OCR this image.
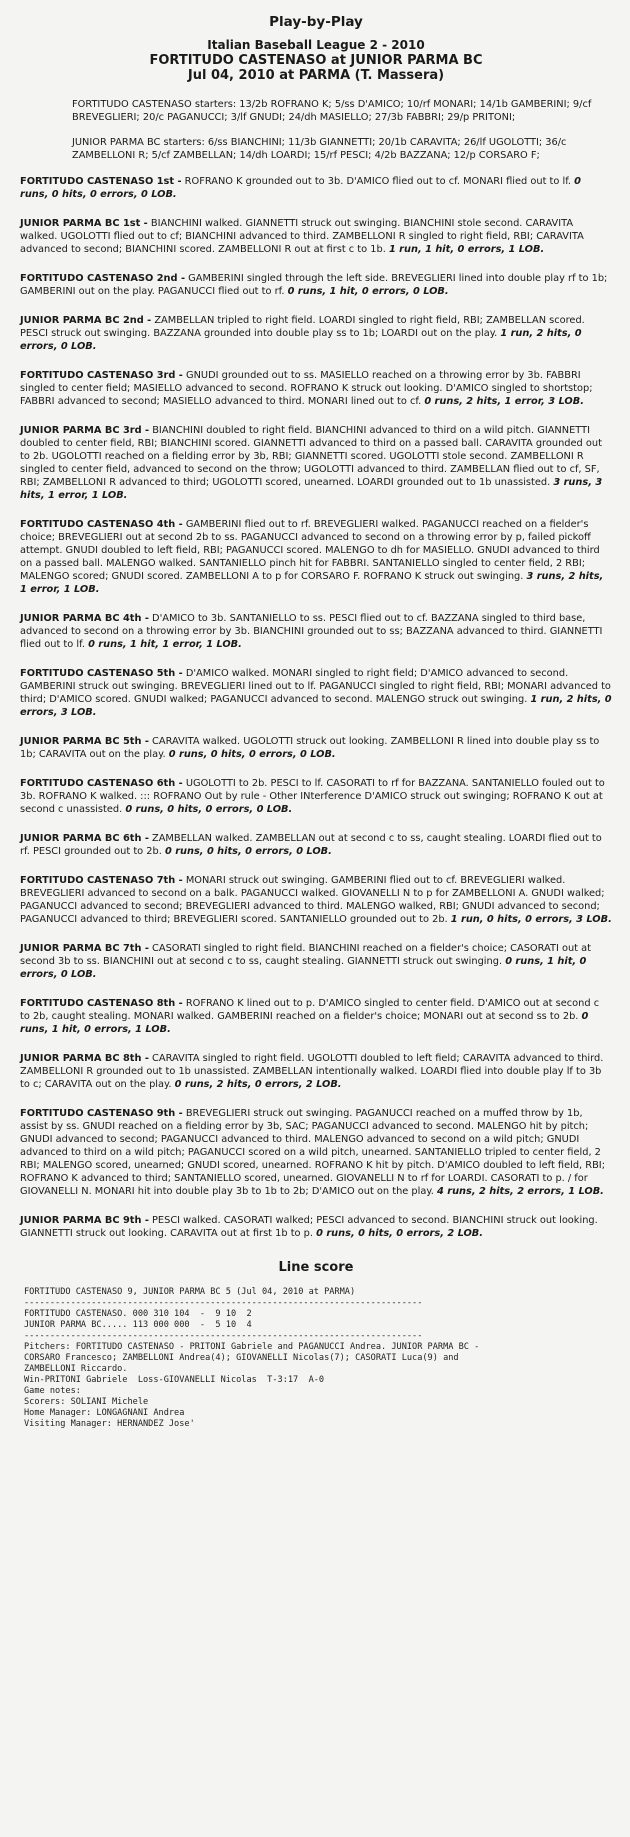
Play-by-Play
Italian Baseball League 2 - 2010
FORTITUDO CASTENASO at JUNIOR PARMA BC
Jul 04, 2010 at PARMA (T. Massera)

FORTITUDO CASTENASO starters: 13/2b ROFRANO K; 5/ss D'AMICO; 10/rf MONARI; 14/1b GAMBERINI; 9/cf BREVEGLIERI; 20/c PAGANUCCI; 3/lf GNUDI; 24/dh MASIELLO; 27/3b FABBRI; 29/p PRITONI;

JUNIOR PARMA BC starters: 6/ss BIANCHINI; 11/3b GIANNETTI; 20/1b CARAVITA; 26/lf UGOLOTTI; 36/c ZAMBELLONI R; 5/cf ZAMBELLAN; 14/dh LOARDI; 15/rf PESCI; 4/2b BAZZANA; 12/p CORSARO F;

FORTITUDO CASTENASO 1st - ROFRANO K grounded out to 3b. D'AMICO flied out to cf. MONARI flied out to lf. 0 runs, 0 hits, 0 errors, 0 LOB.

JUNIOR PARMA BC 1st - BIANCHINI walked. GIANNETTI struck out swinging. BIANCHINI stole second. CARAVITA walked. UGOLOTTI flied out to cf; BIANCHINI advanced to third. ZAMBELLONI R singled to right field, RBI; CARAVITA advanced to second; BIANCHINI scored. ZAMBELLONI R out at first c to 1b. 1 run, 1 hit, 0 errors, 1 LOB.

FORTITUDO CASTENASO 2nd - GAMBERINI singled through the left side. BREVEGLIERI lined into double play rf to 1b; GAMBERINI out on the play. PAGANUCCI flied out to rf. 0 runs, 1 hit, 0 errors, 0 LOB.

JUNIOR PARMA BC 2nd - ZAMBELLAN tripled to right field. LOARDI singled to right field, RBI; ZAMBELLAN scored. PESCI struck out swinging. BAZZANA grounded into double play ss to 1b; LOARDI out on the play. 1 run, 2 hits, 0 errors, 0 LOB.

FORTITUDO CASTENASO 3rd - GNUDI grounded out to ss. MASIELLO reached on a throwing error by 3b. FABBRI singled to center field; MASIELLO advanced to second. ROFRANO K struck out looking. D'AMICO singled to shortstop; FABBRI advanced to second; MASIELLO advanced to third. MONARI lined out to cf. 0 runs, 2 hits, 1 error, 3 LOB.

JUNIOR PARMA BC 3rd - BIANCHINI doubled to right field. BIANCHINI advanced to third on a wild pitch. GIANNETTI doubled to center field, RBI; BIANCHINI scored. GIANNETTI advanced to third on a passed ball. CARAVITA grounded out to 2b. UGOLOTTI reached on a fielding error by 3b, RBI; GIANNETTI scored. UGOLOTTI stole second. ZAMBELLONI R singled to center field, advanced to second on the throw; UGOLOTTI advanced to third. ZAMBELLAN flied out to cf, SF, RBI; ZAMBELLONI R advanced to third; UGOLOTTI scored, unearned. LOARDI grounded out to 1b unassisted. 3 runs, 3 hits, 1 error, 1 LOB.

FORTITUDO CASTENASO 4th - GAMBERINI flied out to rf. BREVEGLIERI walked. PAGANUCCI reached on a fielder's choice; BREVEGLIERI out at second 2b to ss. PAGANUCCI advanced to second on a throwing error by p, failed pickoff attempt. GNUDI doubled to left field, RBI; PAGANUCCI scored. MALENGO to dh for MASIELLO. GNUDI advanced to third on a passed ball. MALENGO walked. SANTANIELLO pinch hit for FABBRI. SANTANIELLO singled to center field, 2 RBI; MALENGO scored; GNUDI scored. ZAMBELLONI A to p for CORSARO F. ROFRANO K struck out swinging. 3 runs, 2 hits, 1 error, 1 LOB.

JUNIOR PARMA BC 4th - D'AMICO to 3b. SANTANIELLO to ss. PESCI flied out to cf. BAZZANA singled to third base, advanced to second on a throwing error by 3b. BIANCHINI grounded out to ss; BAZZANA advanced to third. GIANNETTI flied out to lf. 0 runs, 1 hit, 1 error, 1 LOB.

FORTITUDO CASTENASO 5th - D'AMICO walked. MONARI singled to right field; D'AMICO advanced to second. GAMBERINI struck out swinging. BREVEGLIERI lined out to lf. PAGANUCCI singled to right field, RBI; MONARI advanced to third; D'AMICO scored. GNUDI walked; PAGANUCCI advanced to second. MALENGO struck out swinging. 1 run, 2 hits, 0 errors, 3 LOB.

JUNIOR PARMA BC 5th - CARAVITA walked. UGOLOTTI struck out looking. ZAMBELLONI R lined into double play ss to 1b; CARAVITA out on the play. 0 runs, 0 hits, 0 errors, 0 LOB.

FORTITUDO CASTENASO 6th - UGOLOTTI to 2b. PESCI to lf. CASORATI to rf for BAZZANA. SANTANIELLO fouled out to 3b. ROFRANO K walked. ::: ROFRANO Out by rule - Other INterference D'AMICO struck out swinging; ROFRANO K out at second c unassisted. 0 runs, 0 hits, 0 errors, 0 LOB.

JUNIOR PARMA BC 6th - ZAMBELLAN walked. ZAMBELLAN out at second c to ss, caught stealing. LOARDI flied out to rf. PESCI grounded out to 2b. 0 runs, 0 hits, 0 errors, 0 LOB.

FORTITUDO CASTENASO 7th - MONARI struck out swinging. GAMBERINI flied out to cf. BREVEGLIERI walked. BREVEGLIERI advanced to second on a balk. PAGANUCCI walked. GIOVANELLI N to p for ZAMBELLONI A. GNUDI walked; PAGANUCCI advanced to second; BREVEGLIERI advanced to third. MALENGO walked, RBI; GNUDI advanced to second; PAGANUCCI advanced to third; BREVEGLIERI scored. SANTANIELLO grounded out to 2b. 1 run, 0 hits, 0 errors, 3 LOB.

JUNIOR PARMA BC 7th - CASORATI singled to right field. BIANCHINI reached on a fielder's choice; CASORATI out at second 3b to ss. BIANCHINI out at second c to ss, caught stealing. GIANNETTI struck out swinging. 0 runs, 1 hit, 0 errors, 0 LOB.

FORTITUDO CASTENASO 8th - ROFRANO K lined out to p. D'AMICO singled to center field. D'AMICO out at second c to 2b, caught stealing. MONARI walked. GAMBERINI reached on a fielder's choice; MONARI out at second ss to 2b. 0 runs, 1 hit, 0 errors, 1 LOB.

JUNIOR PARMA BC 8th - CARAVITA singled to right field. UGOLOTTI doubled to left field; CARAVITA advanced to third. ZAMBELLONI R grounded out to 1b unassisted. ZAMBELLAN intentionally walked. LOARDI flied into double play lf to 3b to c; CARAVITA out on the play. 0 runs, 2 hits, 0 errors, 2 LOB.

FORTITUDO CASTENASO 9th - BREVEGLIERI struck out swinging. PAGANUCCI reached on a muffed throw by 1b, assist by ss. GNUDI reached on a fielding error by 3b, SAC; PAGANUCCI advanced to second. MALENGO hit by pitch; GNUDI advanced to second; PAGANUCCI advanced to third. MALENGO advanced to second on a wild pitch; GNUDI advanced to third on a wild pitch; PAGANUCCI scored on a wild pitch, unearned. SANTANIELLO tripled to center field, 2 RBI; MALENGO scored, unearned; GNUDI scored, unearned. ROFRANO K hit by pitch. D'AMICO doubled to left field, RBI; ROFRANO K advanced to third; SANTANIELLO scored, unearned. GIOVANELLI N to rf for LOARDI. CASORATI to p. / for GIOVANELLI N. MONARI hit into double play 3b to 1b to 2b; D'AMICO out on the play. 4 runs, 2 hits, 2 errors, 1 LOB.

JUNIOR PARMA BC 9th - PESCI walked. CASORATI walked; PESCI advanced to second. BIANCHINI struck out looking. GIANNETTI struck out looking. CARAVITA out at first 1b to p. 0 runs, 0 hits, 0 errors, 2 LOB.

Line score
FORTITUDO CASTENASO 9, JUNIOR PARMA BC 5 (Jul 04, 2010 at PARMA)
-----------------------------------------------------------------------------
FORTITUDO CASTENASO. 000 310 104  -  9 10  2
JUNIOR PARMA BC..... 113 000 000  -  5 10  4
-----------------------------------------------------------------------------
Pitchers: FORTITUDO CASTENASO - PRITONI Gabriele and PAGANUCCI Andrea. JUNIOR PARMA BC -
CORSARO Francesco; ZAMBELLONI Andrea(4); GIOVANELLI Nicolas(7); CASORATI Luca(9) and
ZAMBELLONI Riccardo.
Win-PRITONI Gabriele  Loss-GIOVANELLI Nicolas  T-3:17  A-0
Game notes:
Scorers: SOLIANI Michele
Home Manager: LONGAGNANI Andrea
Visiting Manager: HERNANDEZ Jose'
